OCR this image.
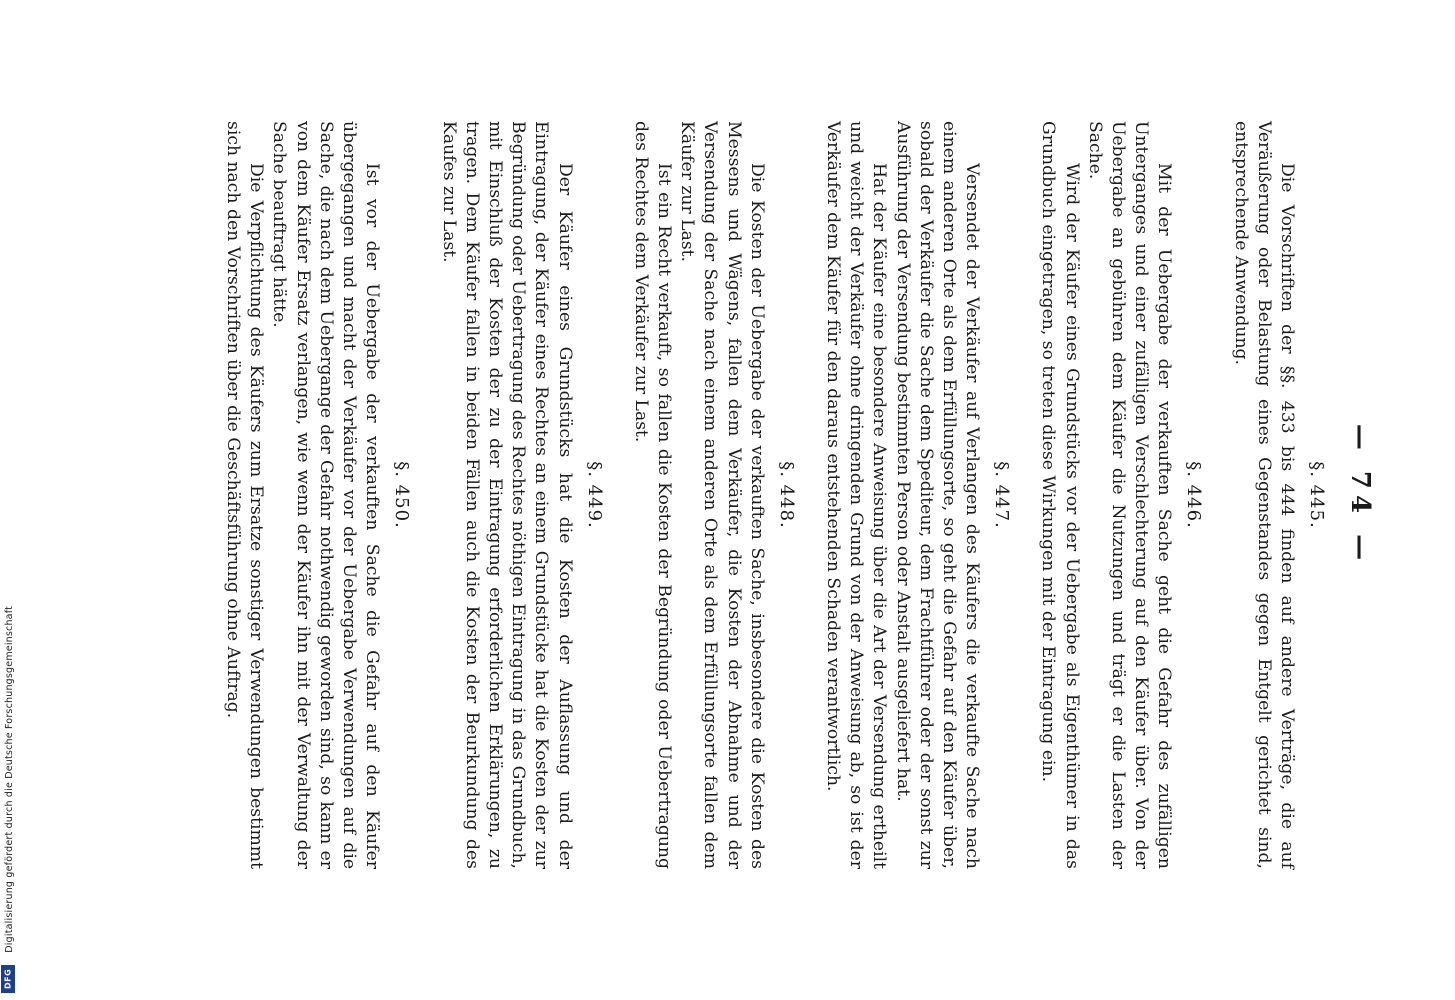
— 74 —
§. 445.

Die Vorschriften der §§. 433 bis 444 finden auf andere Verträge, die auf Veräußerung oder Belastung eines Gegenstandes gegen Entgelt gerichtet sind, entsprechende Anwendung.

§. 446.

Mit der Uebergabe der verkauften Sache geht die Gefahr des zufälligen Unterganges und einer zufälligen Verschlechterung auf den Käufer über. Von der Uebergabe an gebühren dem Käufer die Nutzungen und trägt er die Lasten der Sache.

Wird der Käufer eines Grundstücks vor der Uebergabe als Eigenthümer in das Grundbuch eingetragen, so treten diese Wirkungen mit der Eintragung ein.

§. 447.

Versendet der Verkäufer auf Verlangen des Käufers die verkaufte Sache nach einem anderen Orte als dem Erfüllungsorte, so geht die Gefahr auf den Käufer über, sobald der Verkäufer die Sache dem Spediteur, dem Frachtführer oder der sonst zur Ausführung der Versendung bestimmten Person oder Anstalt ausgeliefert hat.

Hat der Käufer eine besondere Anweisung über die Art der Versendung ertheilt und weicht der Verkäufer ohne dringenden Grund von der Anweisung ab, so ist der Verkäufer dem Käufer für den daraus entstehenden Schaden verantwortlich.

§. 448.

Die Kosten der Uebergabe der verkauften Sache, insbesondere die Kosten des Messens und Wägens, fallen dem Verkäufer, die Kosten der Abnahme und der Versendung der Sache nach einem anderen Orte als dem Erfüllungsorte fallen dem Käufer zur Last.

Ist ein Recht verkauft, so fallen die Kosten der Begründung oder Uebertragung des Rechtes dem Verkäufer zur Last.

§. 449.

Der Käufer eines Grundstücks hat die Kosten der Auflassung und der Eintragung, der Käufer eines Rechtes an einem Grundstücke hat die Kosten der zur Begründung oder Uebertragung des Rechtes nöthigen Eintragung in das Grundbuch, mit Einschluß der Kosten der zu der Eintragung erforderlichen Erklärungen, zu tragen. Dem Käufer fallen in beiden Fällen auch die Kosten der Beurkundung des Kaufes zur Last.

§. 450.

Ist vor der Uebergabe der verkauften Sache die Gefahr auf den Käufer übergegangen und macht der Verkäufer vor der Uebergabe Verwendungen auf die Sache, die nach dem Uebergange der Gefahr nothwendig geworden sind, so kann er von dem Käufer Ersatz verlangen, wie wenn der Käufer ihn mit der Verwaltung der Sache beauftragt hätte.

Die Verpflichtung des Käufers zum Ersatze sonstiger Verwendungen bestimmt sich nach den Vorschriften über die Geschäftsführung ohne Auftrag.

Digitalisierung gefördert durch die Deutsche Forschungsgemeinschaft
DFG
